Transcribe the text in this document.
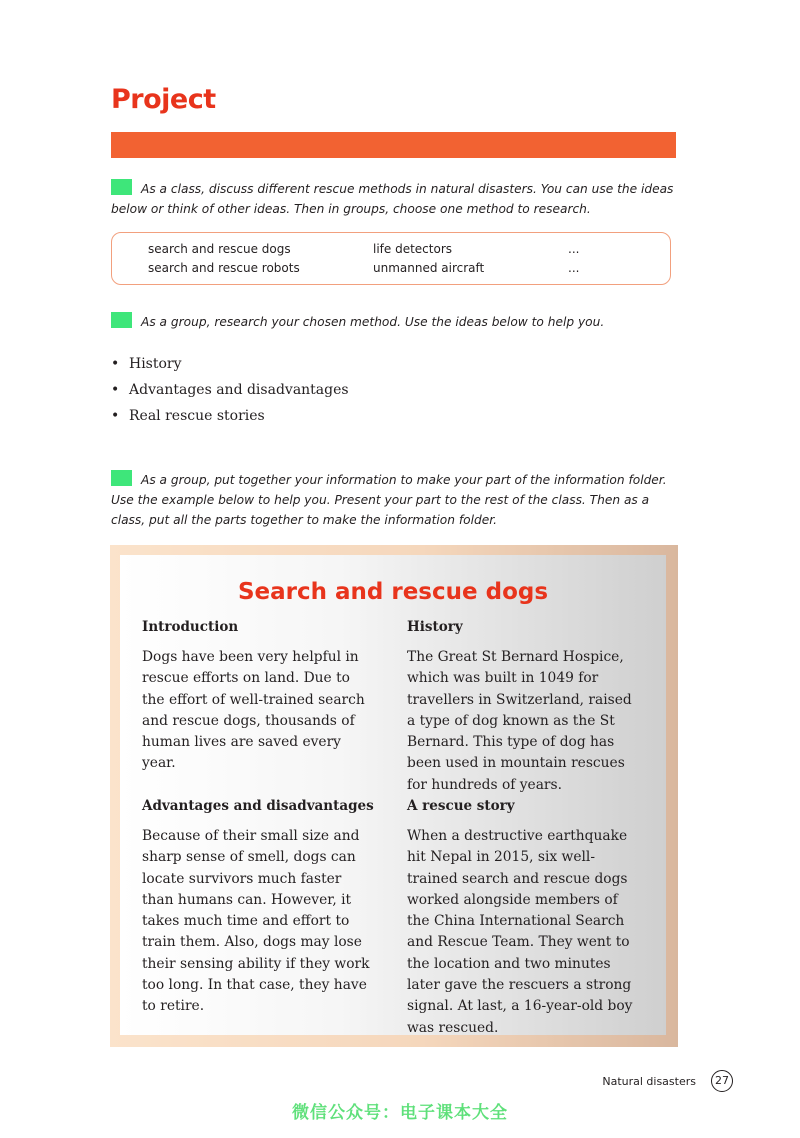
Project
As a class, discuss different rescue methods in natural disasters. You can use the ideas below or think of other ideas. Then in groups, choose one method to research.
search and rescue dogs	life detectors	...
search and rescue robots	unmanned aircraft	...
As a group, research your chosen method. Use the ideas below to help you.
• History
• Advantages and disadvantages
• Real rescue stories
As a group, put together your information to make your part of the information folder. Use the example below to help you. Present your part to the rest of the class. Then as a class, put all the parts together to make the information folder.
Search and rescue dogs
Introduction

Dogs have been very helpful in rescue efforts on land. Due to the effort of well-trained search and rescue dogs, thousands of human lives are saved every year.

History

The Great St Bernard Hospice, which was built in 1049 for travellers in Switzerland, raised a type of dog known as the St Bernard. This type of dog has been used in mountain rescues for hundreds of years.

Advantages and disadvantages

Because of their small size and sharp sense of smell, dogs can locate survivors much faster than humans can. However, it takes much time and effort to train them. Also, dogs may lose their sensing ability if they work too long. In that case, they have to retire.

A rescue story

When a destructive earthquake hit Nepal in 2015, six well-trained search and rescue dogs worked alongside members of the China International Search and Rescue Team. They went to the location and two minutes later gave the rescuers a strong signal. At last, a 16-year-old boy was rescued.

Natural disasters	27
微信公众号：电子课本大全
